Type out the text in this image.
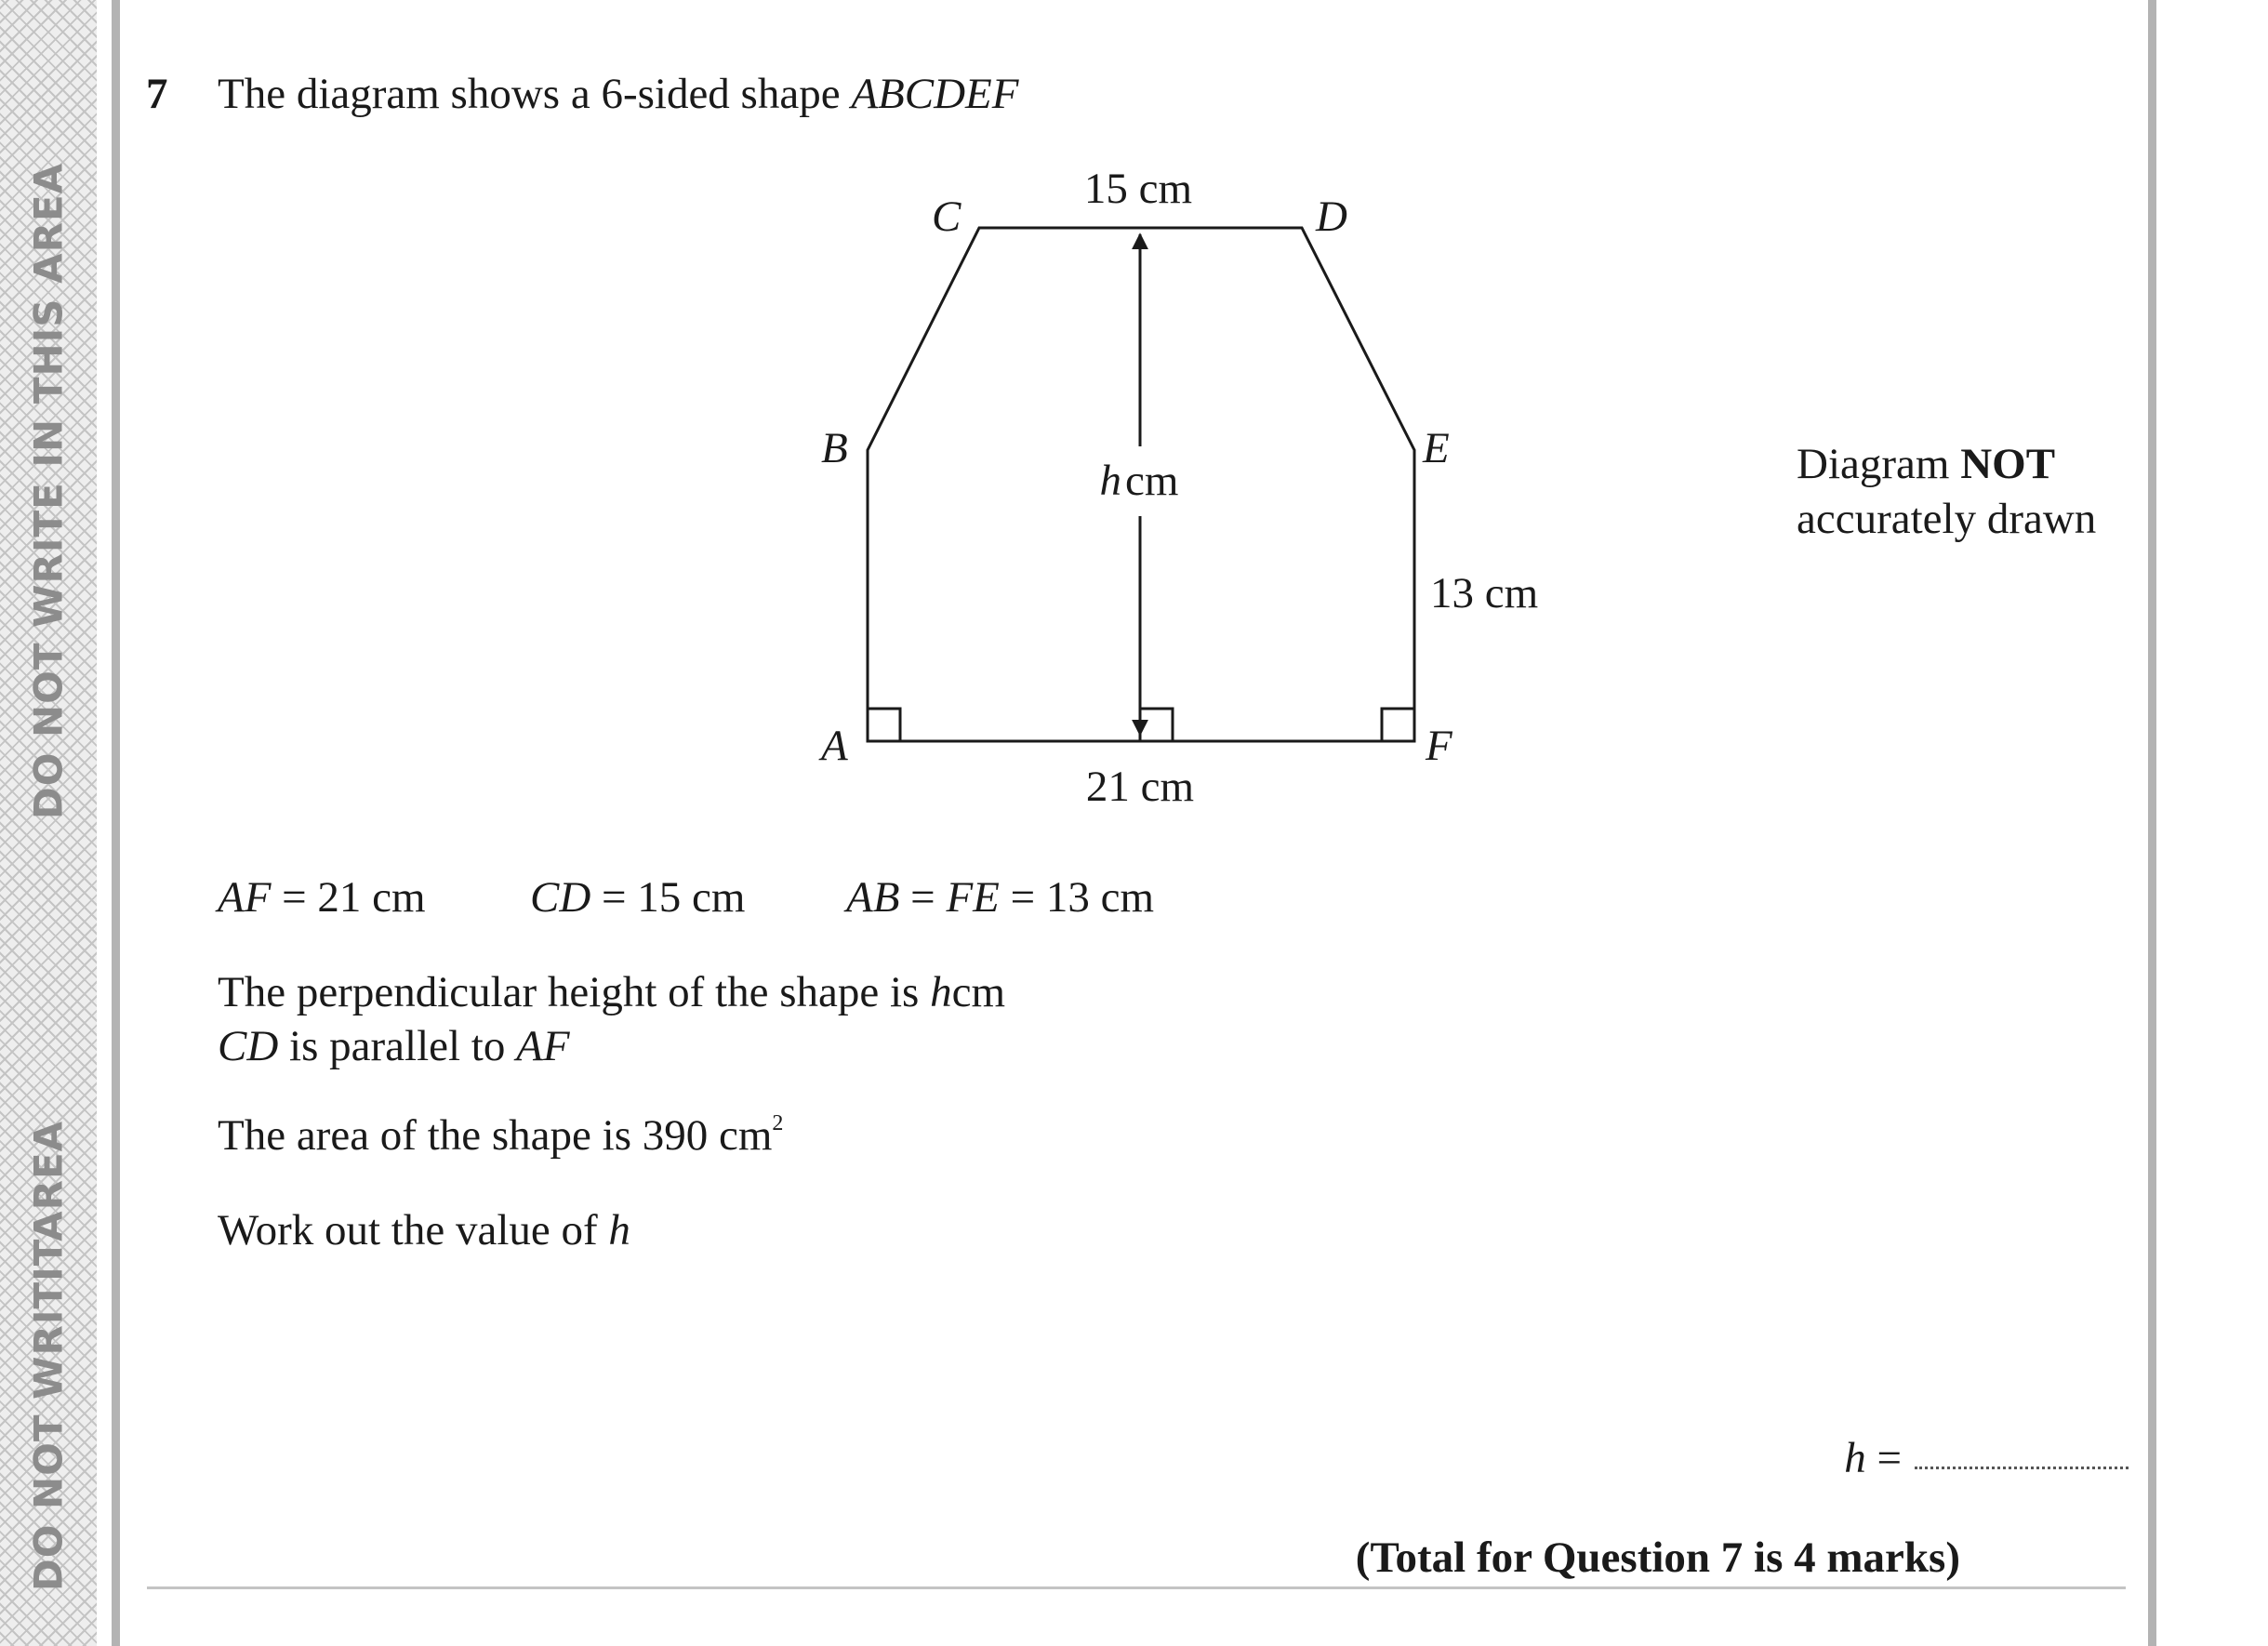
DO NOT WRITE IN THIS AREA
DO NOT WRITITAREA
7 The diagram shows a 6-sided shape ABCDEF
15 cm
21 cm
13 cm
hcm
C	D
B	E
A	F
Diagram NOT
accurately drawn
AF = 21 cm CD = 15 cm AB = FE = 13 cm
The perpendicular height of the shape is hcm
CD is parallel to AF
The area of the shape is 390 $cm^2$
Work out the value of h
h =
(Total for Question 7 is 4 marks)
